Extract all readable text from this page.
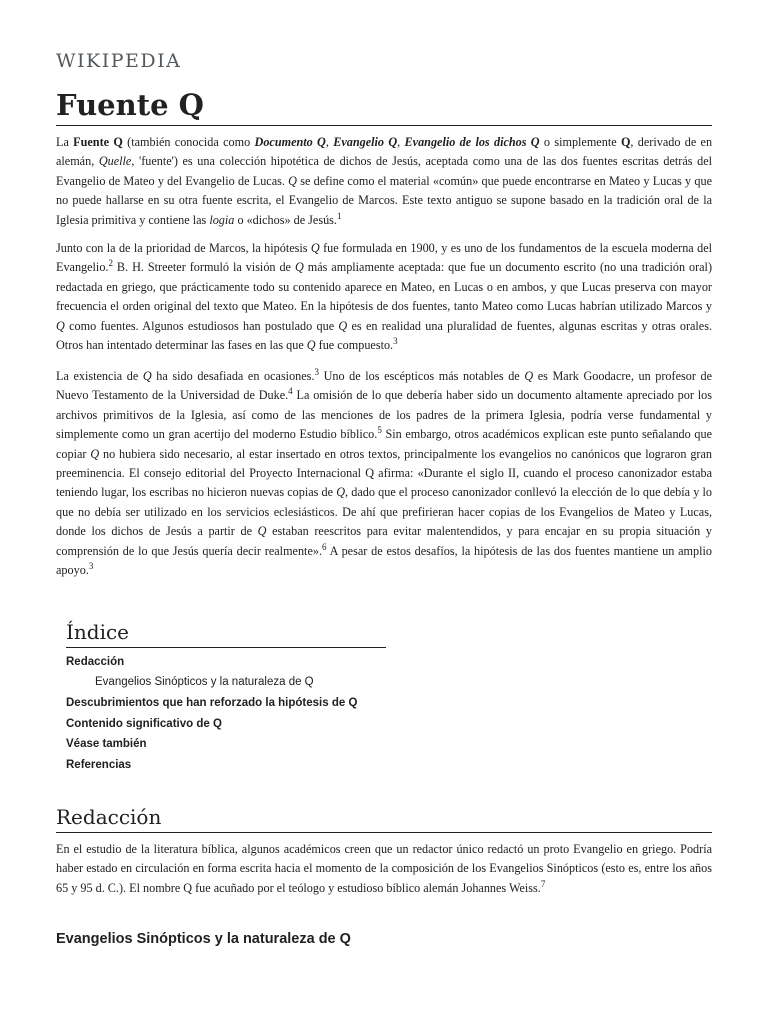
WIKIPEDIA
Fuente Q

La Fuente Q (también conocida como Documento Q, Evangelio Q, Evangelio de los dichos Q o simplemente Q, derivado de en alemán, Quelle, 'fuente') es una colección hipotética de dichos de Jesús, aceptada como una de las dos fuentes escritas detrás del Evangelio de Mateo y del Evangelio de Lucas. Q se define como el material «común» que puede encontrarse en Mateo y Lucas y que no puede hallarse en su otra fuente escrita, el Evangelio de Marcos. Este texto antiguo se supone basado en la tradición oral de la Iglesia primitiva y contiene las logia o «dichos» de Jesús.$^1$

Junto con la de la prioridad de Marcos, la hipótesis Q fue formulada en 1900, y es uno de los fundamentos de la escuela moderna del Evangelio.$^2$ B. H. Streeter formuló la visión de Q más ampliamente aceptada: que fue un documento escrito (no una tradición oral) redactada en griego, que prácticamente todo su contenido aparece en Mateo, en Lucas o en ambos, y que Lucas preserva con mayor frecuencia el orden original del texto que Mateo. En la hipótesis de dos fuentes, tanto Mateo como Lucas habrían utilizado Marcos y Q como fuentes. Algunos estudiosos han postulado que Q es en realidad una pluralidad de fuentes, algunas escritas y otras orales. Otros han intentado determinar las fases en las que Q fue compuesto.$^3$

La existencia de Q ha sido desafiada en ocasiones.$^3$ Uno de los escépticos más notables de Q es Mark Goodacre, un profesor de Nuevo Testamento de la Universidad de Duke.$^4$ La omisión de lo que debería haber sido un documento altamente apreciado por los archivos primitivos de la Iglesia, así como de las menciones de los padres de la primera Iglesia, podría verse fundamental y simplemente como un gran acertijo del moderno Estudio bíblico.$^5$ Sin embargo, otros académicos explican este punto señalando que copiar Q no hubiera sido necesario, al estar insertado en otros textos, principalmente los evangelios no canónicos que lograron gran preeminencia. El consejo editorial del Proyecto Internacional Q afirma: «Durante el siglo II, cuando el proceso canonizador estaba teniendo lugar, los escribas no hicieron nuevas copias de Q, dado que el proceso canonizador conllevó la elección de lo que debía y lo que no debía ser utilizado en los servicios eclesiásticos. De ahí que prefirieran hacer copias de los Evangelios de Mateo y Lucas, donde los dichos de Jesús a partir de Q estaban reescritos para evitar malentendidos, y para encajar en su propia situación y comprensión de lo que Jesús quería decir realmente».$^6$ A pesar de estos desafíos, la hipótesis de las dos fuentes mantiene un amplio apoyo.$^3$

Índice
Redacción
Evangelios Sinópticos y la naturaleza de Q
Descubrimientos que han reforzado la hipótesis de Q
Contenido significativo de Q
Véase también
Referencias
Redacción

En el estudio de la literatura bíblica, algunos académicos creen que un redactor único redactó un proto Evangelio en griego. Podría haber estado en circulación en forma escrita hacia el momento de la composición de los Evangelios Sinópticos (esto es, entre los años 65 y 95 d. C.). El nombre Q fue acuñado por el teólogo y estudioso bíblico alemán Johannes Weiss.$^7$

Evangelios Sinópticos y la naturaleza de Q
